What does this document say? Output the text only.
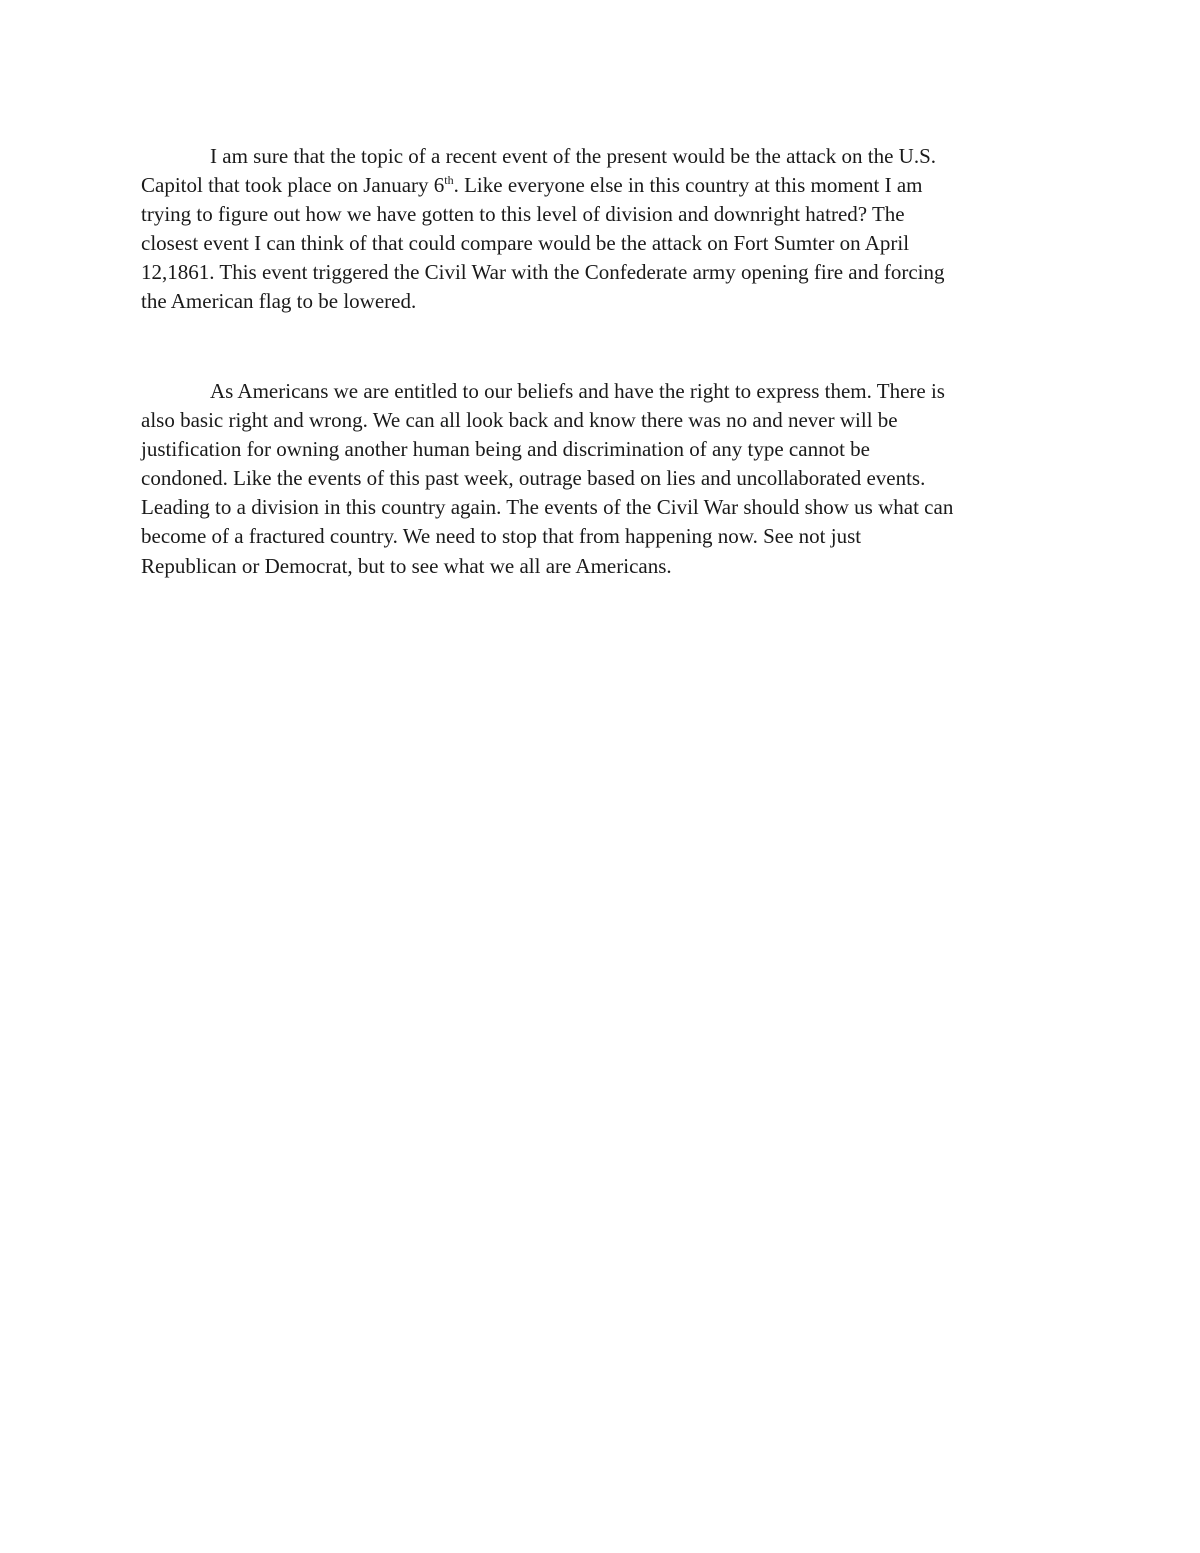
I am sure that the topic of a recent event of the present would be the attack on the U.S.
Capitol that took place on January 6th. Like everyone else in this country at this moment I am
trying to figure out how we have gotten to this level of division and downright hatred? The
closest event I can think of that could compare would be the attack on Fort Sumter on April
12,1861. This event triggered the Civil War with the Confederate army opening fire and forcing
the American flag to be lowered.

As Americans we are entitled to our beliefs and have the right to express them. There is
also basic right and wrong. We can all look back and know there was no and never will be
justification for owning another human being and discrimination of any type cannot be
condoned. Like the events of this past week, outrage based on lies and uncollaborated events.
Leading to a division in this country again. The events of the Civil War should show us what can
become of a fractured country. We need to stop that from happening now. See not just
Republican or Democrat, but to see what we all are Americans.
